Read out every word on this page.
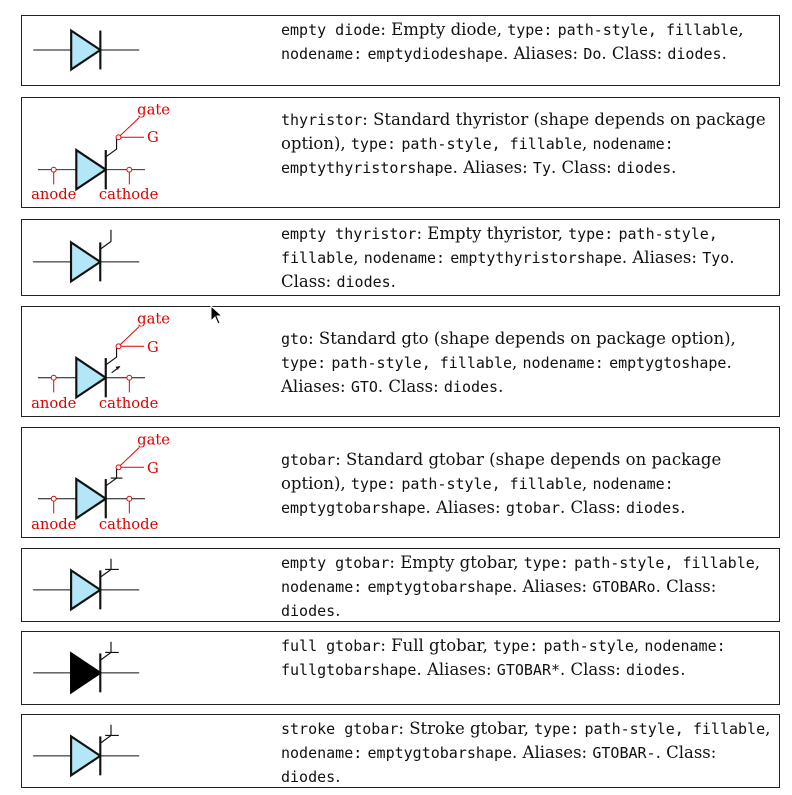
empty diode: Empty diode, type: path-style, fillable, nodename: emptydiodeshape. Aliases: Do. Class: diodes.
gate
G
anode cathode
thyristor: Standard thyristor (shape depends on package option), type: path-style, fillable, nodename: emptythyristorshape. Aliases: Ty. Class: diodes.
empty thyristor: Empty thyristor, type: path-style, fillable, nodename: emptythyristorshape. Aliases: Tyo. Class: diodes.
gate
G
anode cathode
gto: Standard gto (shape depends on package option), type: path-style, fillable, nodename: emptygtoshape. Aliases: GTO. Class: diodes.
gate
G
anode cathode
gtobar: Standard gtobar (shape depends on package option), type: path-style, fillable, nodename: emptygtobarshape. Aliases: gtobar. Class: diodes.
empty gtobar: Empty gtobar, type: path-style, fillable, nodename: emptygtobarshape. Aliases: GTOBARo. Class: diodes.
full gtobar: Full gtobar, type: path-style, nodename: fullgtobarshape. Aliases: GTOBAR*. Class: diodes.
stroke gtobar: Stroke gtobar, type: path-style, fillable, nodename: emptygtobarshape. Aliases: GTOBAR-. Class: diodes.
